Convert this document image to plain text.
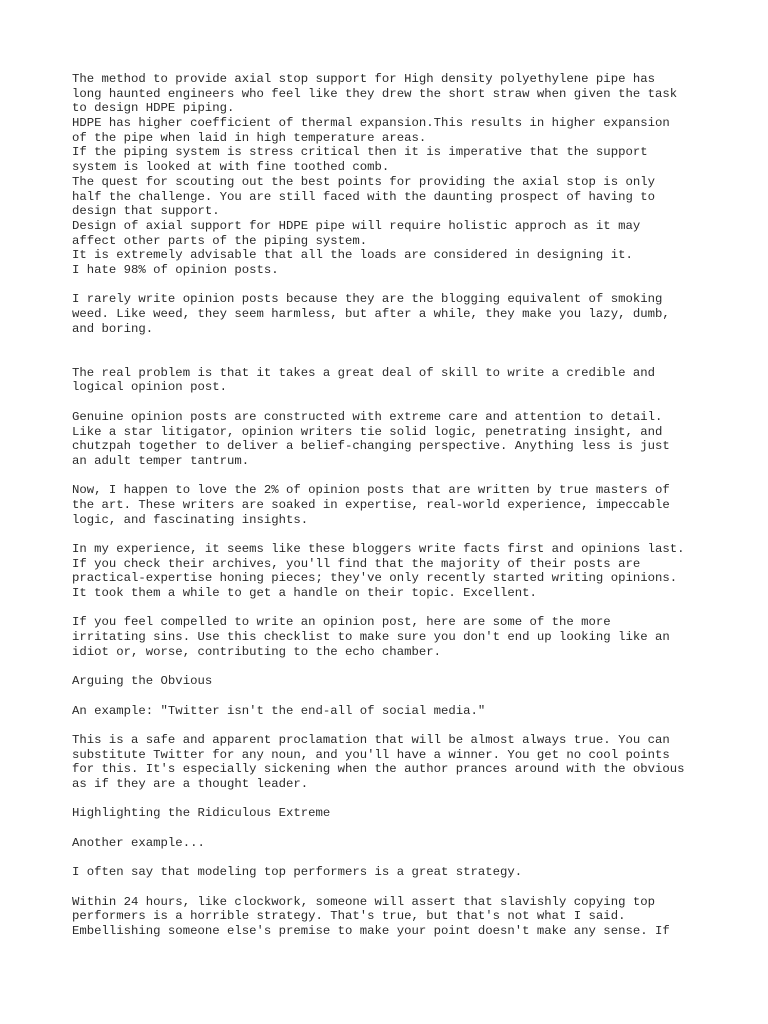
The method to provide axial stop support for High density polyethylene pipe has
long haunted engineers who feel like they drew the short straw when given the task
to design HDPE piping.
HDPE has higher coefficient of thermal expansion.This results in higher expansion
of the pipe when laid in high temperature areas.
If the piping system is stress critical then it is imperative that the support
system is looked at with fine toothed comb.
The quest for scouting out the best points for providing the axial stop is only
half the challenge. You are still faced with the daunting prospect of having to
design that support.
Design of axial support for HDPE pipe will require holistic approch as it may
affect other parts of the piping system.
It is extremely advisable that all the loads are considered in designing it.
I hate 98% of opinion posts.
I rarely write opinion posts because they are the blogging equivalent of smoking
weed. Like weed, they seem harmless, but after a while, they make you lazy, dumb,
and boring.
The real problem is that it takes a great deal of skill to write a credible and
logical opinion post.
Genuine opinion posts are constructed with extreme care and attention to detail.
Like a star litigator, opinion writers tie solid logic, penetrating insight, and
chutzpah together to deliver a belief-changing perspective. Anything less is just
an adult temper tantrum.
Now, I happen to love the 2% of opinion posts that are written by true masters of
the art. These writers are soaked in expertise, real-world experience, impeccable
logic, and fascinating insights.
In my experience, it seems like these bloggers write facts first and opinions last.
If you check their archives, you'll find that the majority of their posts are
practical-expertise honing pieces; they've only recently started writing opinions.
It took them a while to get a handle on their topic. Excellent.
If you feel compelled to write an opinion post, here are some of the more
irritating sins. Use this checklist to make sure you don't end up looking like an
idiot or, worse, contributing to the echo chamber.
Arguing the Obvious
An example: "Twitter isn't the end-all of social media."
This is a safe and apparent proclamation that will be almost always true. You can
substitute Twitter for any noun, and you'll have a winner. You get no cool points
for this. It's especially sickening when the author prances around with the obvious
as if they are a thought leader.
Highlighting the Ridiculous Extreme
Another example...
I often say that modeling top performers is a great strategy.
Within 24 hours, like clockwork, someone will assert that slavishly copying top
performers is a horrible strategy. That's true, but that's not what I said.
Embellishing someone else's premise to make your point doesn't make any sense. If
